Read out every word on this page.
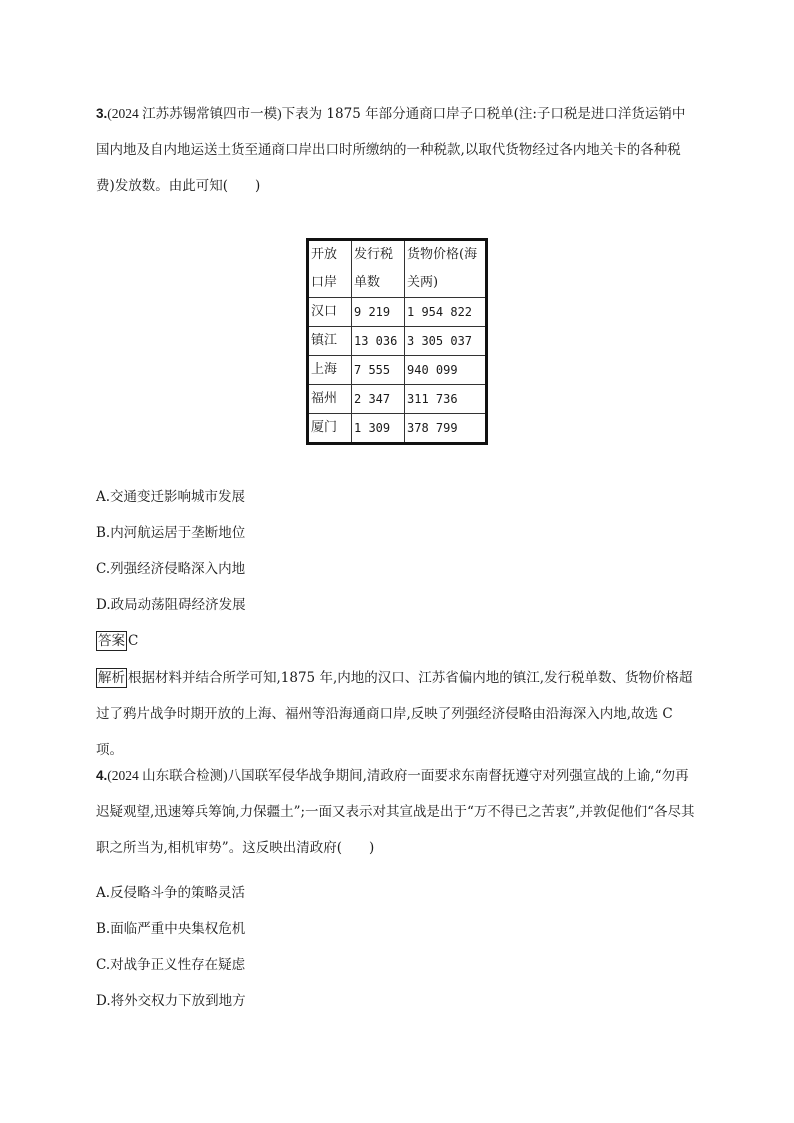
3.(2024 江苏苏锡常镇四市一模)下表为 1875 年部分通商口岸子口税单(注:子口税是进口洋货运销中国内地及自内地运送土货至通商口岸出口时所缴纳的一种税款,以取代货物经过各内地关卡的各种税费)发放数。由此可知(　　)
A.交通变迁影响城市发展
B.内河航运居于垄断地位
C.列强经济侵略深入内地
D.政局动荡阻碍经济发展
答案 C
解析 根据材料并结合所学可知,1875 年,内地的汉口、江苏省偏内地的镇江,发行税单数、货物价格超过了鸦片战争时期开放的上海、福州等沿海通商口岸,反映了列强经济侵略由沿海深入内地,故选 C 项。
4.(2024 山东联合检测)八国联军侵华战争期间,清政府一面要求东南督抚遵守对列强宣战的上谕,“勿再迟疑观望,迅速筹兵筹饷,力保疆土”;一面又表示对其宣战是出于“万不得已之苦衷”,并敦促他们“各尽其职之所当为,相机审势”。这反映出清政府(　　)
A.反侵略斗争的策略灵活
B.面临严重中央集权危机
C.对战争正义性存在疑虑
D.将外交权力下放到地方
开放口岸	发行税单数	货物价格(海关两)
汉口	9 219	1 954 822
镇江	13 036	3 305 037
上海	7 555	940 099
福州	2 347	311 736
厦门	1 309	378 799
